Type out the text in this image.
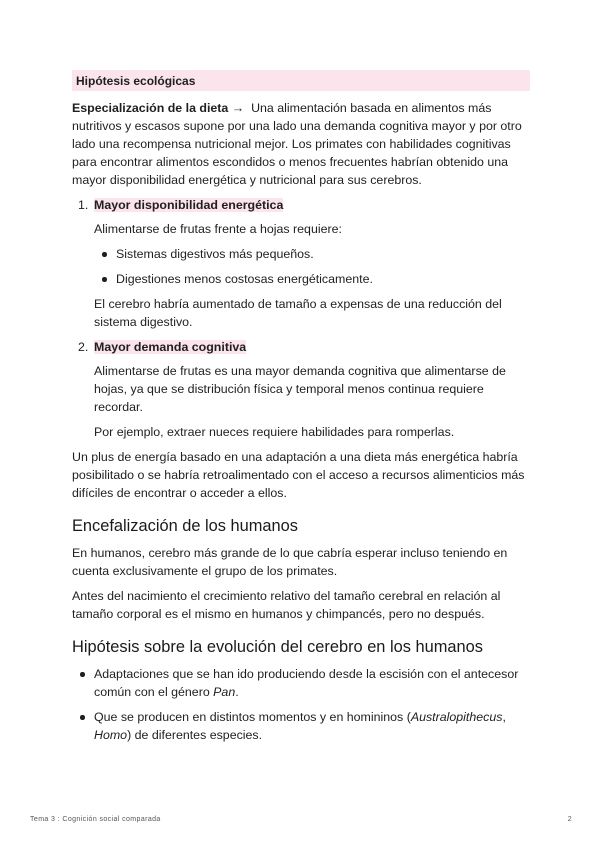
Hipótesis ecológicas

Especialización de la dieta → Una alimentación basada en alimentos más nutritivos y escasos supone por una lado una demanda cognitiva mayor y por otro lado una recompensa nutricional mejor. Los primates con habilidades cognitivas para encontrar alimentos escondidos o menos frecuentes habrían obtenido una mayor disponibilidad energética y nutricional para sus cerebros.

1. Mayor disponibilidad energética

Alimentarse de frutas frente a hojas requiere:

Sistemas digestivos más pequeños.
Digestiones menos costosas energéticamente.

El cerebro habría aumentado de tamaño a expensas de una reducción del sistema digestivo.

2. Mayor demanda cognitiva

Alimentarse de frutas es una mayor demanda cognitiva que alimentarse de hojas, ya que se distribución física y temporal menos continua requiere recordar.

Por ejemplo, extraer nueces requiere habilidades para romperlas.

Un plus de energía basado en una adaptación a una dieta más energética habría posibilitado o se habría retroalimentado con el acceso a recursos alimenticios más difíciles de encontrar o acceder a ellos.

Encefalización de los humanos

En humanos, cerebro más grande de lo que cabría esperar incluso teniendo en cuenta exclusivamente el grupo de los primates.

Antes del nacimiento el crecimiento relativo del tamaño cerebral en relación al tamaño corporal es el mismo en humanos y chimpancés, pero no después.

Hipótesis sobre la evolución del cerebro en los humanos
Adaptaciones que se han ido produciendo desde la escisión con el antecesor común con el género Pan.
Que se producen en distintos momentos y en homininos (Australopithecus, Homo) de diferentes especies.
Tema 3 : Cognición social comparada	2
